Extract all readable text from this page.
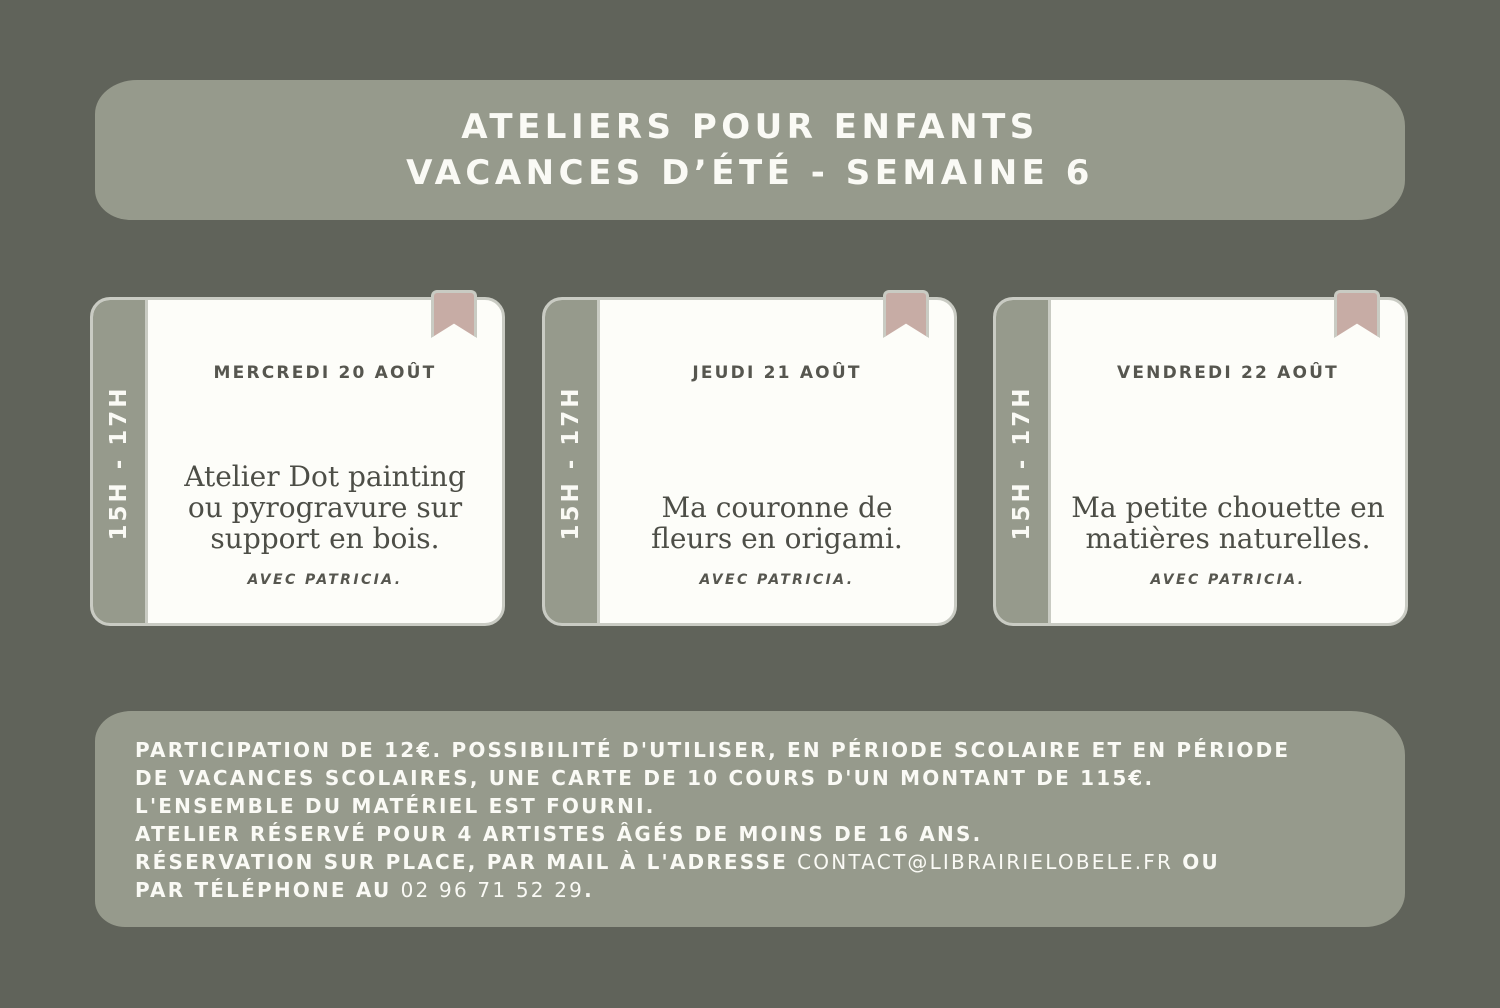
ATELIERS POUR ENFANTS
VACANCES D’ÉTÉ - SEMAINE 6
15H - 17H
MERCREDI 20 AOÛT
Atelier Dot painting
ou pyrogravure sur
support en bois.
AVEC PATRICIA.
15H - 17H
JEUDI 21 AOÛT
Ma couronne de
fleurs en origami.
AVEC PATRICIA.
15H - 17H
VENDREDI 22 AOÛT
Ma petite chouette en
matières naturelles.
AVEC PATRICIA.
PARTICIPATION DE 12€. POSSIBILITÉ D'UTILISER, EN PÉRIODE SCOLAIRE ET EN PÉRIODE
DE VACANCES SCOLAIRES, UNE CARTE DE 10 COURS D'UN MONTANT DE 115€.
L'ENSEMBLE DU MATÉRIEL EST FOURNI.
ATELIER RÉSERVÉ POUR 4 ARTISTES ÂGÉS DE MOINS DE 16 ANS.
RÉSERVATION SUR PLACE, PAR MAIL À L'ADRESSE CONTACT@LIBRAIRIELOBELE.FR OU
PAR TÉLÉPHONE AU 02 96 71 52 29.
